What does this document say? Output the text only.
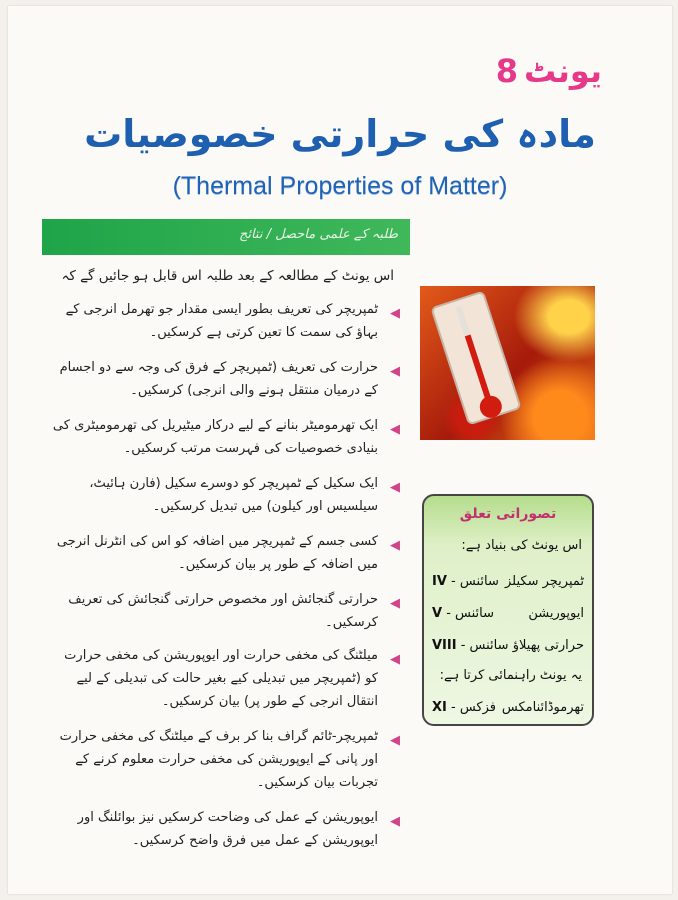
یونٹ
8
مادہ کی حرارتی خصوصیات
(Thermal Properties of Matter)
طلبہ کے علمی ماحصل / نتائج
اس یونٹ کے مطالعہ کے بعد طلبہ اس قابل ہو جائیں گے کہ
◀
ٹمپریچر کی تعریف بطور ایسی مقدار جو تھرمل انرجی کے بہاؤ کی سمت کا تعین کرتی ہے کرسکیں۔
◀
حرارت کی تعریف (ٹمپریچر کے فرق کی وجہ سے دو اجسام کے درمیان منتقل ہونے والی انرجی) کرسکیں۔
◀
ایک تھرمومیٹر بنانے کے لیے درکار میٹیریل کی تھرمومیٹری کی بنیادی خصوصیات کی فہرست مرتب کرسکیں۔
◀
ایک سکیل کے ٹمپریچر کو دوسرے سکیل (فارن ہائیٹ، سیلسیس اور کیلون) میں تبدیل کرسکیں۔
◀
کسی جسم کے ٹمپریچر میں اضافہ کو اس کی انٹرنل انرجی میں اضافہ کے طور پر بیان کرسکیں۔
◀
حرارتی گنجائش اور مخصوص حرارتی گنجائش کی تعریف کرسکیں۔
◀
میلٹنگ کی مخفی حرارت اور ایوپوریشن کی مخفی حرارت کو (ٹمپریچر میں تبدیلی کیے بغیر حالت کی تبدیلی کے لیے انتقال انرجی کے طور پر) بیان کرسکیں۔
◀
ٹمپریچر-ٹائم گراف بنا کر برف کے میلٹنگ کی مخفی حرارت اور پانی کے ایوپوریشن کی مخفی حرارت معلوم کرنے کے تجربات بیان کرسکیں۔
◀
ایوپوریشن کے عمل کی وضاحت کرسکیں نیز بوائلنگ اور ایوپوریشن کے عمل میں فرق واضح کرسکیں۔
تصوراتی تعلق
اس یونٹ کی بنیاد ہے:
ٹمپریچر سکیلز
سائنس - IV
ایوپوریشن
سائنس - V
حرارتی پھیلاؤ
سائنس - VIII
یہ یونٹ راہنمائی کرتا ہے:
تھرموڈائنامکس
فزکس - XI
